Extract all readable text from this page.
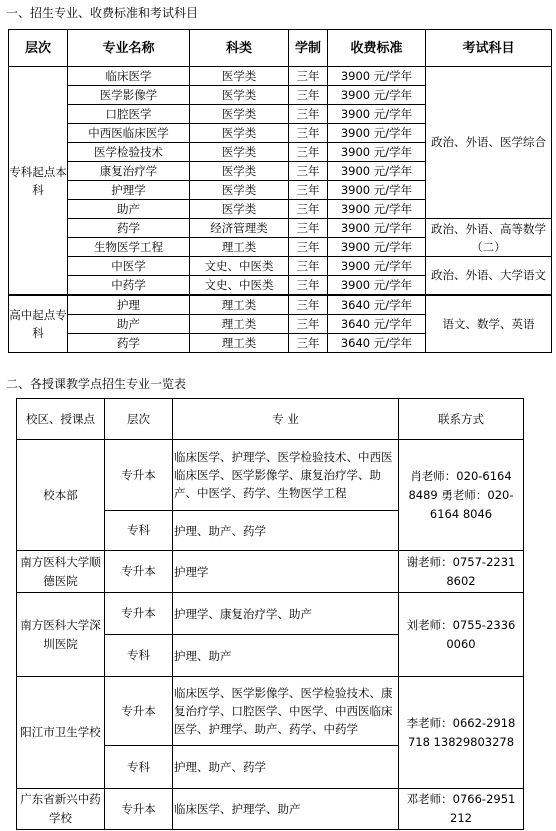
一、招生专业、收费标准和考试科目
层次	专业名称	科类	学制	收费标准	考试科目
专科起点本科	临床医学	医学类	三年	3900 元/学年	政治、外语、医学综合
	医学影像学	医学类	三年	3900 元/学年	
	口腔医学	医学类	三年	3900 元/学年	
	中西医临床医学	医学类	三年	3900 元/学年	
	医学检验技术	医学类	三年	3900 元/学年	
	康复治疗学	医学类	三年	3900 元/学年	
	护理学	医学类	三年	3900 元/学年	
	助产	医学类	三年	3900 元/学年	
	药学	经济管理类	三年	3900 元/学年	政治、外语、高等数学（二）
	生物医学工程	理工类	三年	3900 元/学年	
	中医学	文史、中医类	三年	3900 元/学年	政治、外语、大学语文
	中药学	文史、中医类	三年	3900 元/学年	
高中起点专科	护理	理工类	三年	3640 元/学年	语文、数学、英语
	助产	理工类	三年	3640 元/学年	
	药学	理工类	三年	3640 元/学年	
二、各授课教学点招生专业一览表
校区、授课点	层次	专 业	联系方式
校本部	专升本	临床医学、护理学、医学检验技术、中西医临床医学、医学影像学、康复治疗学、助产、中医学、药学、生物医学工程	肖老师：020-6164 8489 勇老师：020-6164 8046
	专科	护理、助产、药学	
南方医科大学顺德医院	专升本	护理学	谢老师：0757-2231 8602
南方医科大学深圳医院	专升本	护理学、康复治疗学、助产	刘老师：0755-2336 0060
	专科	护理、助产	
阳江市卫生学校	专升本	临床医学、医学影像学、医学检验技术、康复治疗学、口腔医学、中医学、中西医临床医学、护理学、助产、药学、中药学	李老师：0662-2918 718 13829803278
	专科	护理、助产、药学	
广东省新兴中药学校	专升本	临床医学、护理学、助产	邓老师：0766-2951 212
